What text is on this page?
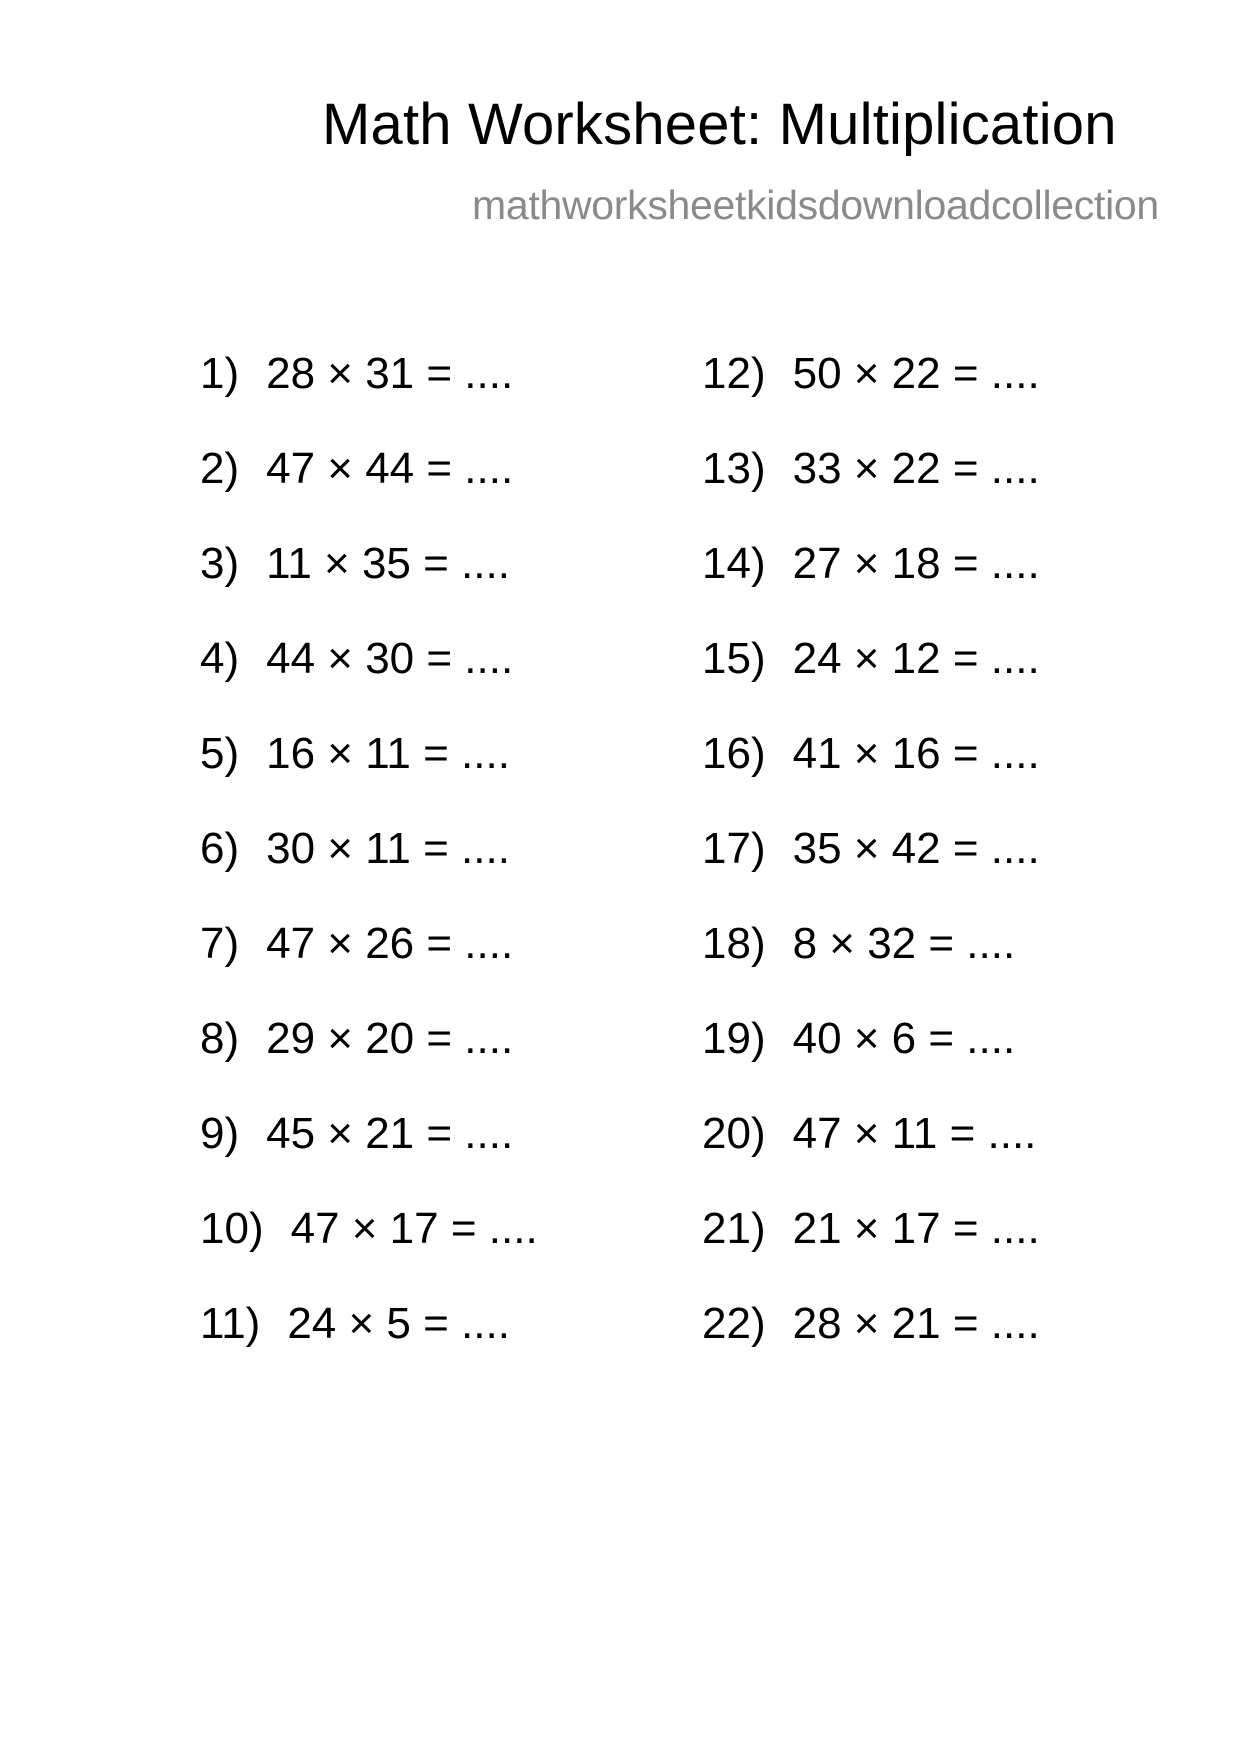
Math Worksheet: Multiplication
mathworksheetkidsdownloadcollection
1) 28 × 31 = ....
2) 47 × 44 = ....
3) 11 × 35 = ....
4) 44 × 30 = ....
5) 16 × 11 = ....
6) 30 × 11 = ....
7) 47 × 26 = ....
8) 29 × 20 = ....
9) 45 × 21 = ....
10) 47 × 17 = ....
11) 24 × 5 = ....
12) 50 × 22 = ....
13) 33 × 22 = ....
14) 27 × 18 = ....
15) 24 × 12 = ....
16) 41 × 16 = ....
17) 35 × 42 = ....
18) 8 × 32 = ....
19) 40 × 6 = ....
20) 47 × 11 = ....
21) 21 × 17 = ....
22) 28 × 21 = ....
